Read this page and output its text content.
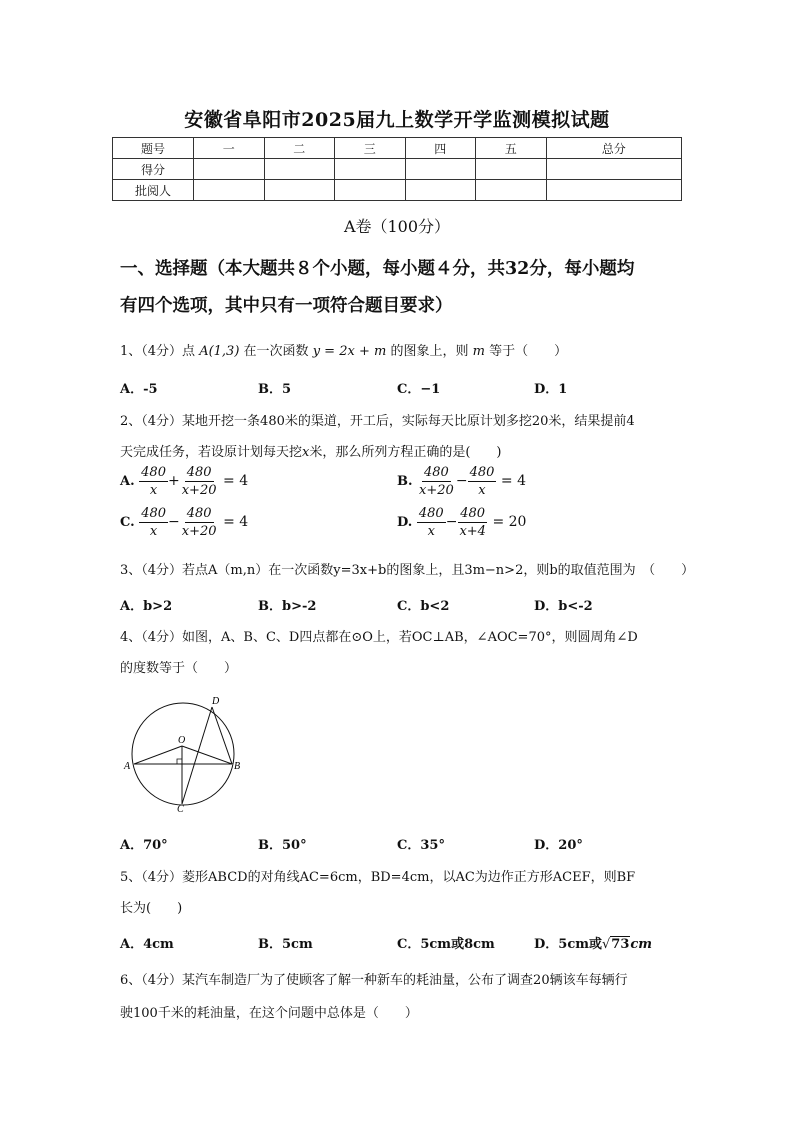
安徽省阜阳市2025届九上数学开学监测模拟试题
题号	一	二	三	四	五	总分
得分						
批阅人						
A卷（100分）
一、选择题（本大题共８个小题，每小题４分，共32分，每小题均
有四个选项，其中只有一项符合题目要求）
1、（4分）点 A(1,3) 在一次函数 y = 2x + m 的图象上，则 m 等于（　　）
A．-5	B．5	C．−1	D．1
2、（4分）某地开挖一条480米的渠道，开工后，实际每天比原计划多挖20米，结果提前4
天完成任务，若设原计划每天挖x米，那么所列方程正确的是(　　)
A. $\frac{480}{x} + \frac{480}{x+20} = 4$	B. $\frac{480}{x+20} - \frac{480}{x} = 4$
C. $\frac{480}{x} - \frac{480}{x+20} = 4$	D. $\frac{480}{x} - \frac{480}{x+4} = 20$
3、（4分）若点A（m,n）在一次函数y=3x+b的图象上，且3m−n>2，则b的取值范围为　（　　）
A．b>2	B．b>-2	C．b<2	D．b<-2
4、（4分）如图，A、B、C、D四点都在⊙O上，若OC⊥AB，∠AOC=70°，则圆周角∠D
的度数等于（　　）
A	B
C
D
O
A．70°	B．50°	C．35°	D．20°
5、（4分）菱形ABCD的对角线AC=6cm，BD=4cm，以AC为边作正方形ACEF，则BF
长为(　　)
A．4cm	B．5cm	C．5cm或8cm	D．5cm或√73cm
6、（4分）某汽车制造厂为了使顾客了解一种新车的耗油量，公布了调查20辆该车每辆行
驶100千米的耗油量，在这个问题中总体是（　　）
